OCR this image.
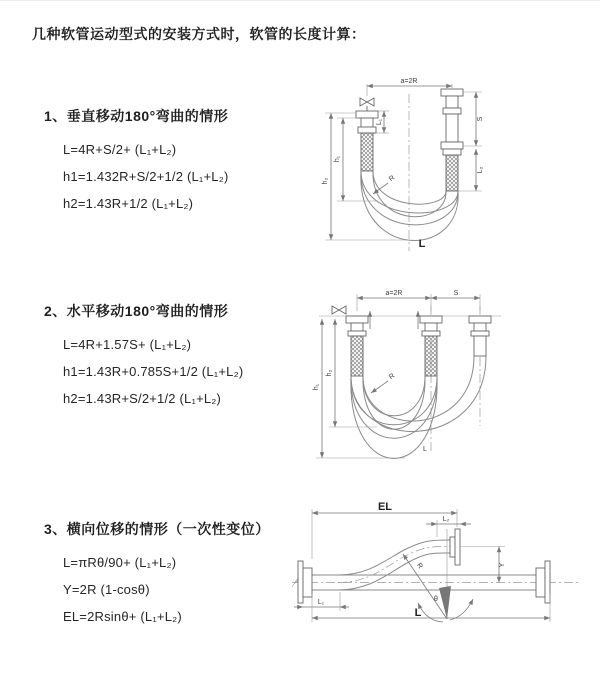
几种软管运动型式的安装方式时，软管的长度计算：
1、垂直移动180°弯曲的情形
L=4R+S/2+ (L₁+L₂)
h1=1.432R+S/2+1/2 (L₁+L₂)
h2=1.43R+1/2 (L₁+L₂)
a=2R
L₁	S
L₂
h₂
h₁
R
L
2、水平移动180°弯曲的情形
L=4R+1.57S+ (L₁+L₂)
h1=1.43R+0.785S+1/2 (L₁+L₂)
h2=1.43R+S/2+1/2 (L₁+L₂)
a=2R	S
h₁
h₂	R
L
3、横向位移的情形（一次性变位）
L=πRθ/90+ (L₁+L₂)
Y=2R (1-cosθ)
EL=2Rsinθ+ (L₁+L₂)
EL
L₂
θ
R	Y
L₁
L
